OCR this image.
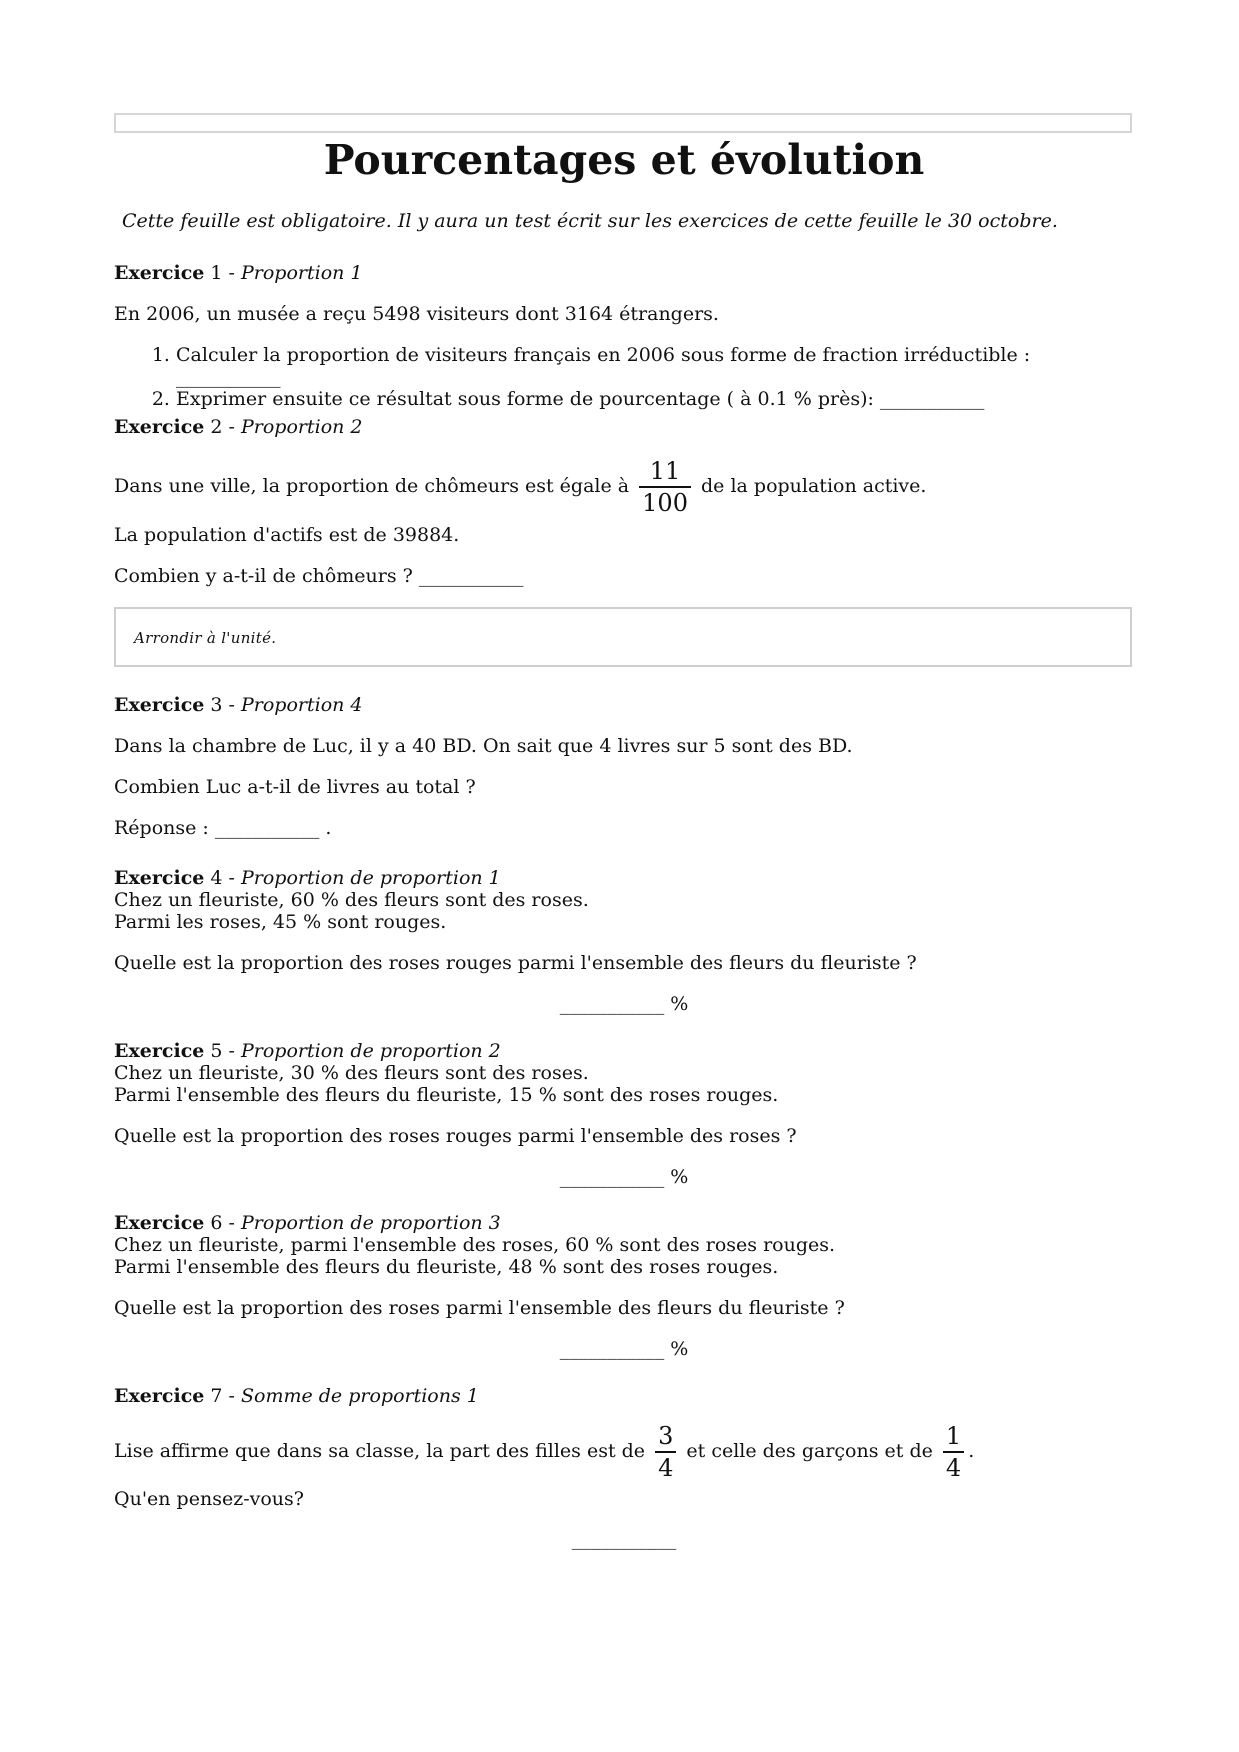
Pourcentages et évolution
Cette feuille est obligatoire. Il y aura un test écrit sur les exercices de cette feuille le 30 octobre.
Exercice 1 - Proportion 1
En 2006, un musée a reçu 5498 visiteurs dont 3164 étrangers.
1. Calculer la proportion de visiteurs français en 2006 sous forme de fraction irréductible : ___________
2. Exprimer ensuite ce résultat sous forme de pourcentage ( à 0.1 % près): ___________
Exercice 2 - Proportion 2
Dans une ville, la proportion de chômeurs est égale à $\frac{11}{100}$ de la population active.
La population d'actifs est de 39884.
Combien y a-t-il de chômeurs ? ___________
Arrondir à l'unité.
Exercice 3 - Proportion 4
Dans la chambre de Luc, il y a 40 BD. On sait que 4 livres sur 5 sont des BD.
Combien Luc a-t-il de livres au total ?
Réponse : ___________ .
Exercice 4 - Proportion de proportion 1
Chez un fleuriste, 60 % des fleurs sont des roses.
Parmi les roses, 45 % sont rouges.
Quelle est la proportion des roses rouges parmi l'ensemble des fleurs du fleuriste ?
___________ %
Exercice 5 - Proportion de proportion 2
Chez un fleuriste, 30 % des fleurs sont des roses.
Parmi l'ensemble des fleurs du fleuriste, 15 % sont des roses rouges.
Quelle est la proportion des roses rouges parmi l'ensemble des roses ?
___________ %
Exercice 6 - Proportion de proportion 3
Chez un fleuriste, parmi l'ensemble des roses, 60 % sont des roses rouges.
Parmi l'ensemble des fleurs du fleuriste, 48 % sont des roses rouges.
Quelle est la proportion des roses parmi l'ensemble des fleurs du fleuriste ?
___________ %
Exercice 7 - Somme de proportions 1
Lise affirme que dans sa classe, la part des filles est de $\frac{3}{4}$ et celle des garçons et de $\frac{1}{4}$ .
Qu'en pensez-vous?
___________
